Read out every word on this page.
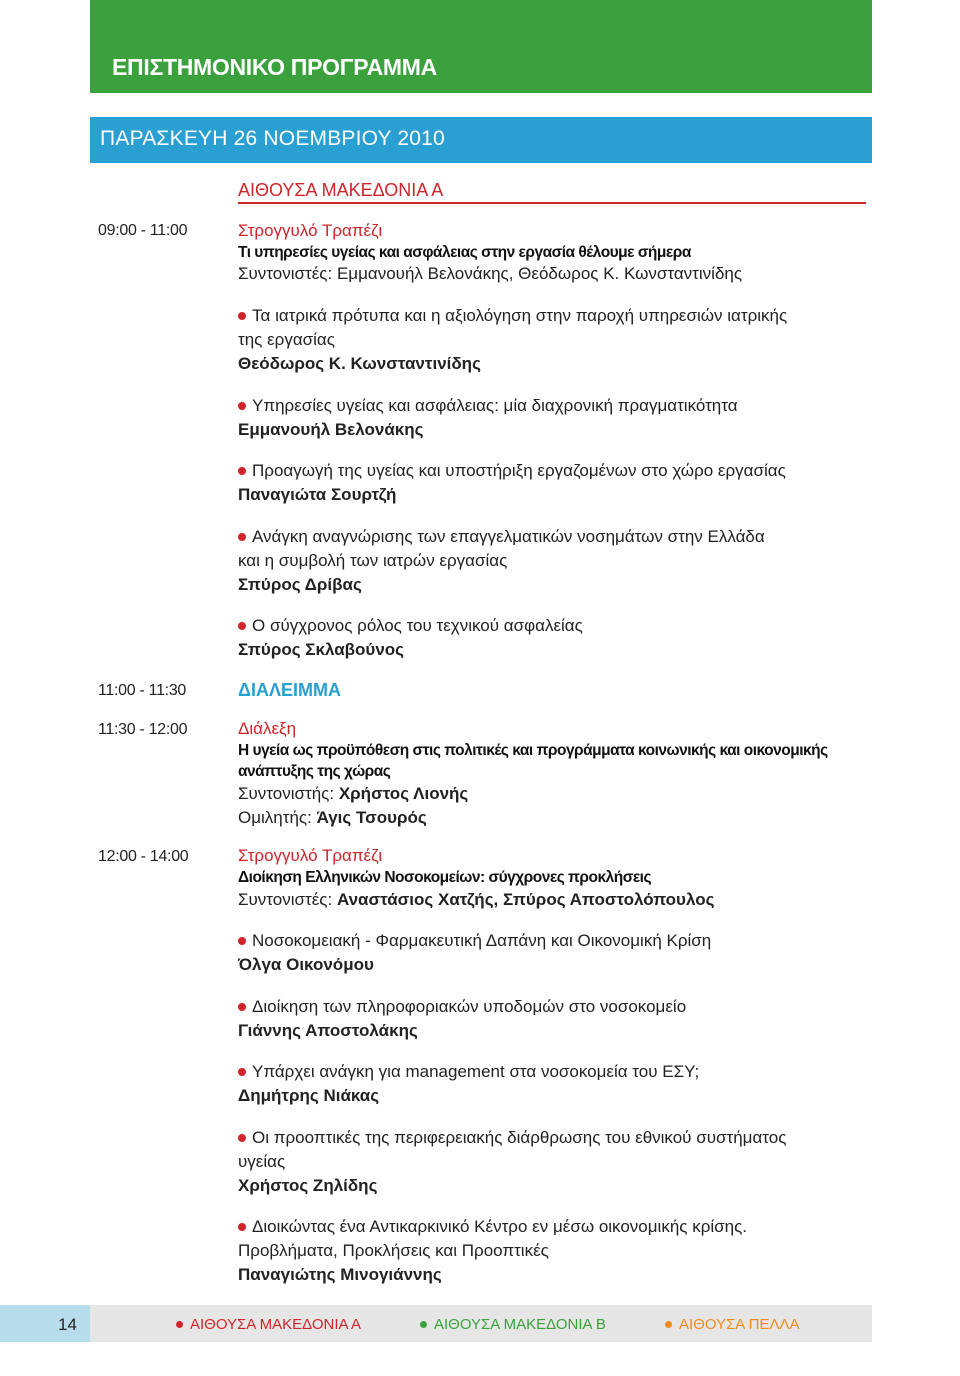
ΕΠΙΣΤΗΜΟΝΙΚΟ ΠΡΟΓΡΑΜΜΑ
ΠΑΡΑΣΚΕΥΗ 26 ΝΟΕΜΒΡΙΟΥ 2010
ΑΙΘΟΥΣΑ ΜΑΚΕΔΟΝΙΑ Α
09:00 - 11:00	Στρογγυλό Τραπέζι
Τι υπηρεσίες υγείας και ασφάλειας στην εργασία θέλουμε σήμερα
Συντονιστές: Εμμανουήλ Βελονάκης, Θεόδωρος Κ. Κωνσταντινίδης
Τα ιατρικά πρότυπα και η αξιολόγηση στην παροχή υπηρεσιών ιατρικής
της εργασίας
Θεόδωρος Κ. Κωνσταντινίδης
Υπηρεσίες υγείας και ασφάλειας: μία διαχρονική πραγματικότητα
Εμμανουήλ Βελονάκης
Προαγωγή της υγείας και υποστήριξη εργαζομένων στο χώρο εργασίας
Παναγιώτα Σουρτζή
Ανάγκη αναγνώρισης των επαγγελματικών νοσημάτων στην Ελλάδα
και η συμβολή των ιατρών εργασίας
Σπύρος Δρίβας
Ο σύγχρονος ρόλος του τεχνικού ασφαλείας
Σπύρος Σκλαβούνος
11:00 - 11:30	ΔΙΑΛΕΙΜΜΑ
11:30 - 12:00	Διάλεξη
Η υγεία ως προϋπόθεση στις πολιτικές και προγράμματα κοινωνικής και οικονομικής
ανάπτυξης της χώρας
Συντονιστής: Χρήστος Λιονής
Ομιλητής: Άγις Τσουρός
12:00 - 14:00	Στρογγυλό Τραπέζι
Διοίκηση Ελληνικών Νοσοκομείων: σύγχρονες προκλήσεις
Συντονιστές: Αναστάσιος Χατζής, Σπύρος Αποστολόπουλος
Νοσοκομειακή - Φαρμακευτική Δαπάνη και Οικονομική Κρίση
Όλγα Οικονόμου
Διοίκηση των πληροφοριακών υποδομών στο νοσοκομείο
Γιάννης Αποστολάκης
Υπάρχει ανάγκη για management στα νοσοκομεία του ΕΣΥ;
Δημήτρης Νιάκας
Οι προοπτικές της περιφερειακής διάρθρωσης του εθνικού συστήματος
υγείας
Χρήστος Ζηλίδης
Διοικώντας ένα Αντικαρκινικό Κέντρο εν μέσω οικονομικής κρίσης.
Προβλήματα, Προκλήσεις και Προοπτικές
Παναγιώτης Μινογιάννης
14	ΑΙΘΟΥΣΑ ΜΑΚΕΔΟΝΙΑ Α	ΑΙΘΟΥΣΑ ΜΑΚΕΔΟΝΙΑ Β	ΑΙΘΟΥΣΑ ΠΕΛΛΑ
